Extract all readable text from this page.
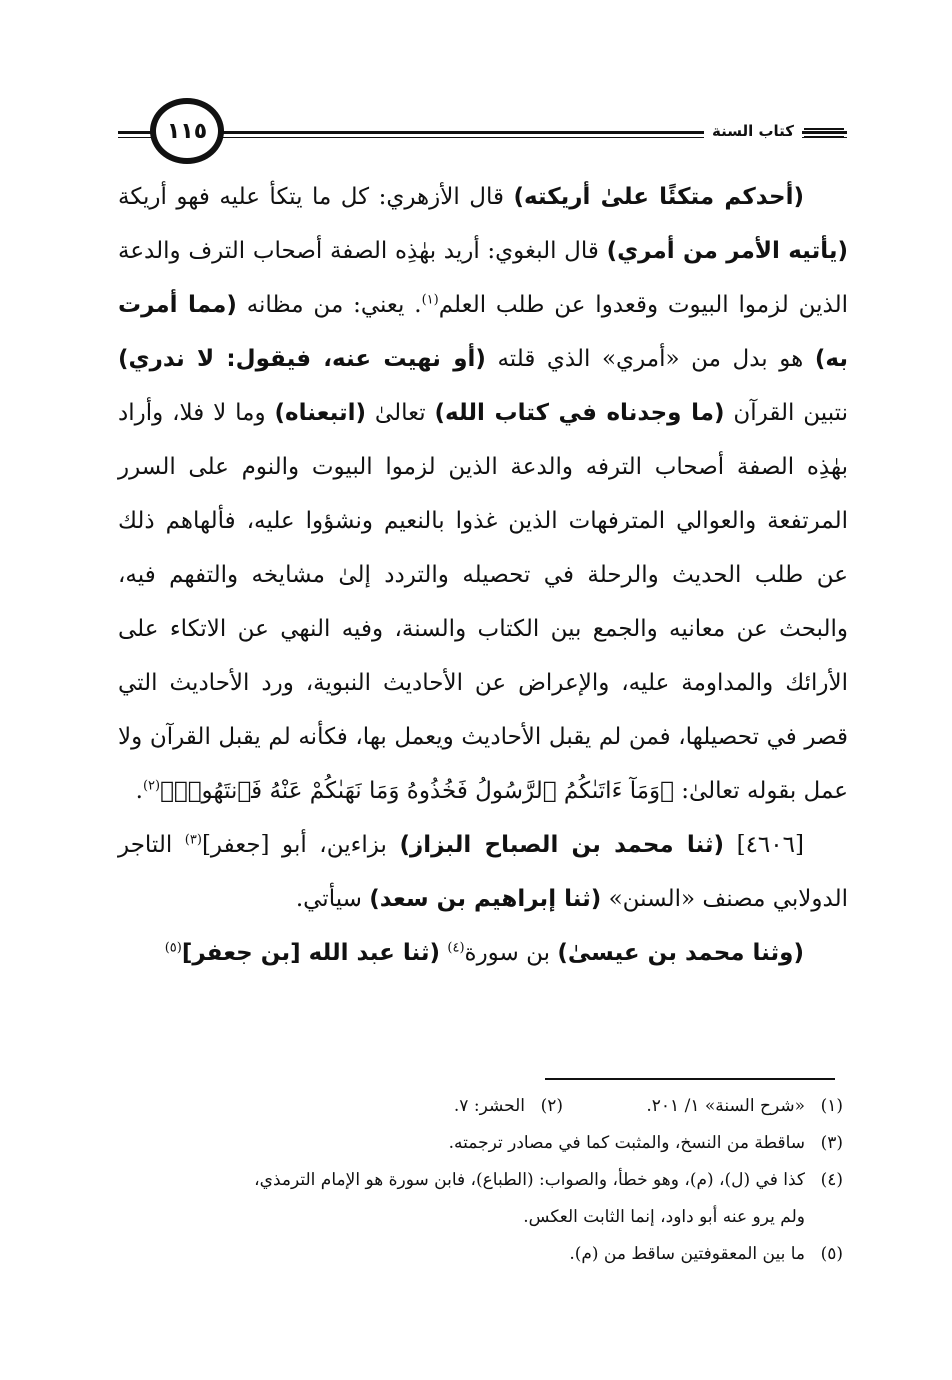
كتاب السنة
١١٥

(أحدكم متكئًا علىٰ أريكته) قال الأزهري: كل ما يتكأ عليه فهو أريكة (يأتيه الأمر من أمري) قال البغوي: أريد بهٰذِه الصفة أصحاب الترف والدعة الذين لزموا البيوت وقعدوا عن طلب العلم$^{(١)}$. يعني: من مظانه (مما أمرت به) هو بدل من «أمري» الذي قلته (أو نهيت عنه، فيقول: لا ندري) نتبين القرآن (ما وجدناه في كتاب الله) تعالىٰ (اتبعناه) وما لا فلا، وأراد بهٰذِه الصفة أصحاب الترفه والدعة الذين لزموا البيوت والنوم على السرر المرتفعة والعوالي المترفهات الذين غذوا بالنعيم ونشؤوا عليه، فألهاهم ذلك عن طلب الحديث والرحلة في تحصيله والتردد إلىٰ مشايخه والتفهم فيه، والبحث عن معانيه والجمع بين الكتاب والسنة، وفيه النهي عن الاتكاء على الأرائك والمداومة عليه، والإعراض عن الأحاديث النبوية، ورد الأحاديث التي قصر في تحصيلها، فمن لم يقبل الأحاديث ويعمل بها، فكأنه لم يقبل القرآن ولا عمل بقوله تعالىٰ: ﴿وَمَآ ءَاتَىٰكُمُ ٱلرَّسُولُ فَخُذُوهُ وَمَا نَهَىٰكُمْ عَنْهُ فَٱنتَهُوا۟﴾$^{(٢)}$.

[٤٦٠٦] (ثنا محمد بن الصباح البزاز) بزاءين، أبو [جعفر]$^{(٣)}$ التاجر الدولابي مصنف «السنن» (ثنا إبراهيم بن سعد) سيأتي.

(وثنا محمد بن عيسىٰ) بن سورة$^{(٤)}$ (ثنا عبد الله [بن جعفر]$^{(٥)}$

(١)
«شرح السنة» ١/ ٢٠١.
(٢)
الحشر: ٧.
(٣)
ساقطة من النسخ، والمثبت كما في مصادر ترجمته.
(٤)
كذا في (ل)، (م)، وهو خطأ، والصواب: (الطباع)، فابن سورة هو الإمام الترمذي،
ولم يرو عنه أبو داود، إنما الثابت العكس.
(٥)
ما بين المعقوفتين ساقط من (م).
